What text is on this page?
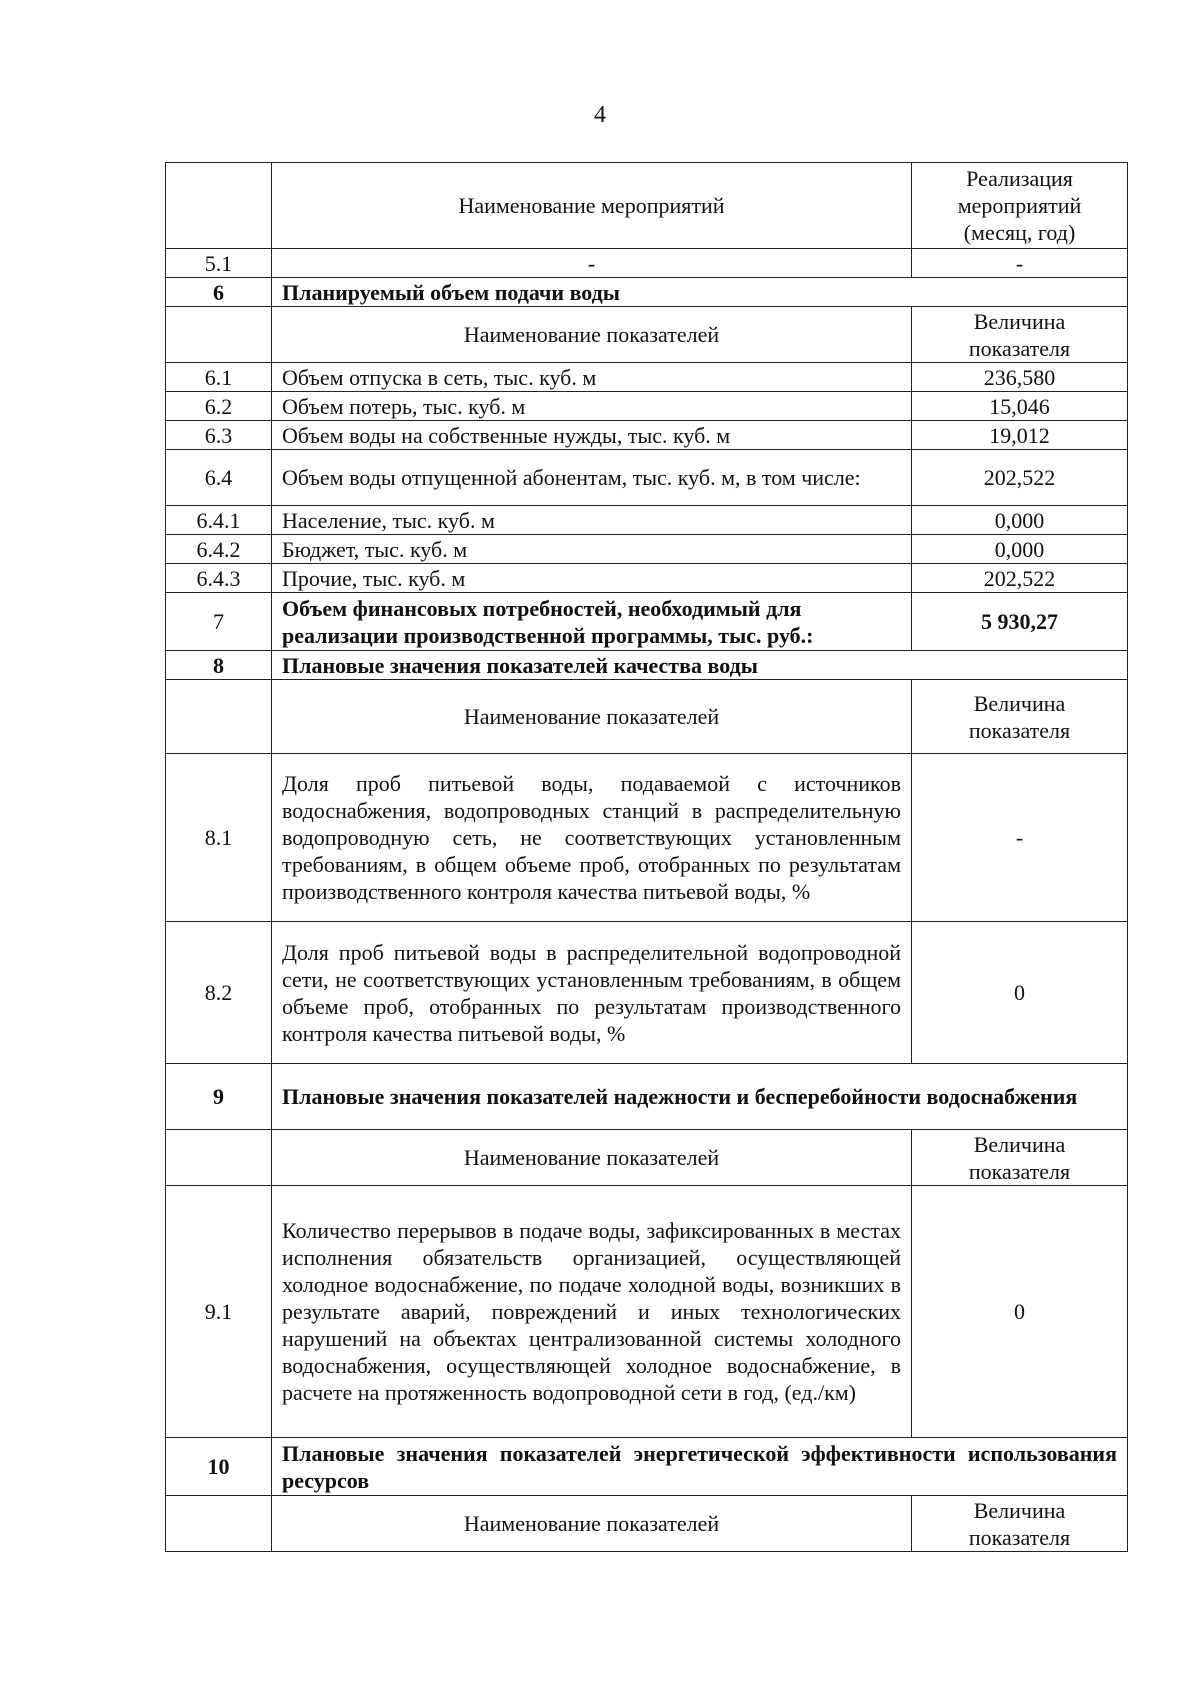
4
	Наименование мероприятий	Реализация мероприятий (месяц, год)
5.1	-	-
6	Планируемый объем подачи воды	
	Наименование показателей	Величина показателя
6.1	Объем отпуска в сеть, тыс. куб. м	236,580
6.2	Объем потерь, тыс. куб. м	15,046
6.3	Объем воды на собственные нужды, тыс. куб. м	19,012
6.4	Объем воды отпущенной абонентам, тыс. куб. м, в том числе:	202,522
6.4.1	Население, тыс. куб. м	0,000
6.4.2	Бюджет, тыс. куб. м	0,000
6.4.3	Прочие, тыс. куб. м	202,522
7	Объем финансовых потребностей, необходимый для реализации производственной программы, тыс. руб.:	5 930,27
8	Плановые значения показателей качества воды	
	Наименование показателей	Величина показателя
8.1	Доля проб питьевой воды, подаваемой с источников водоснабжения, водопроводных станций в распределительную водопроводную сеть, не соответствующих установленным требованиям, в общем объеме проб, отобранных по результатам производственного контроля качества питьевой воды, %	-
8.2	Доля проб питьевой воды в распределительной водопроводной сети, не соответствующих установленным требованиям, в общем объеме проб, отобранных по результатам производственного контроля качества питьевой воды, %	0
9	Плановые значения показателей надежности и бесперебойности водоснабжения	
	Наименование показателей	Величина показателя
9.1	Количество перерывов в подаче воды, зафиксированных в местах исполнения обязательств организацией, осуществляющей холодное водоснабжение, по подаче холодной воды, возникших в результате аварий, повреждений и иных технологических нарушений на объектах централизованной системы холодного водоснабжения, осуществляющей холодное водоснабжение, в расчете на протяженность водопроводной сети в год, (ед./км)	0
10	Плановые значения показателей энергетической эффективности использования ресурсов	
	Наименование показателей	Величина показателя
